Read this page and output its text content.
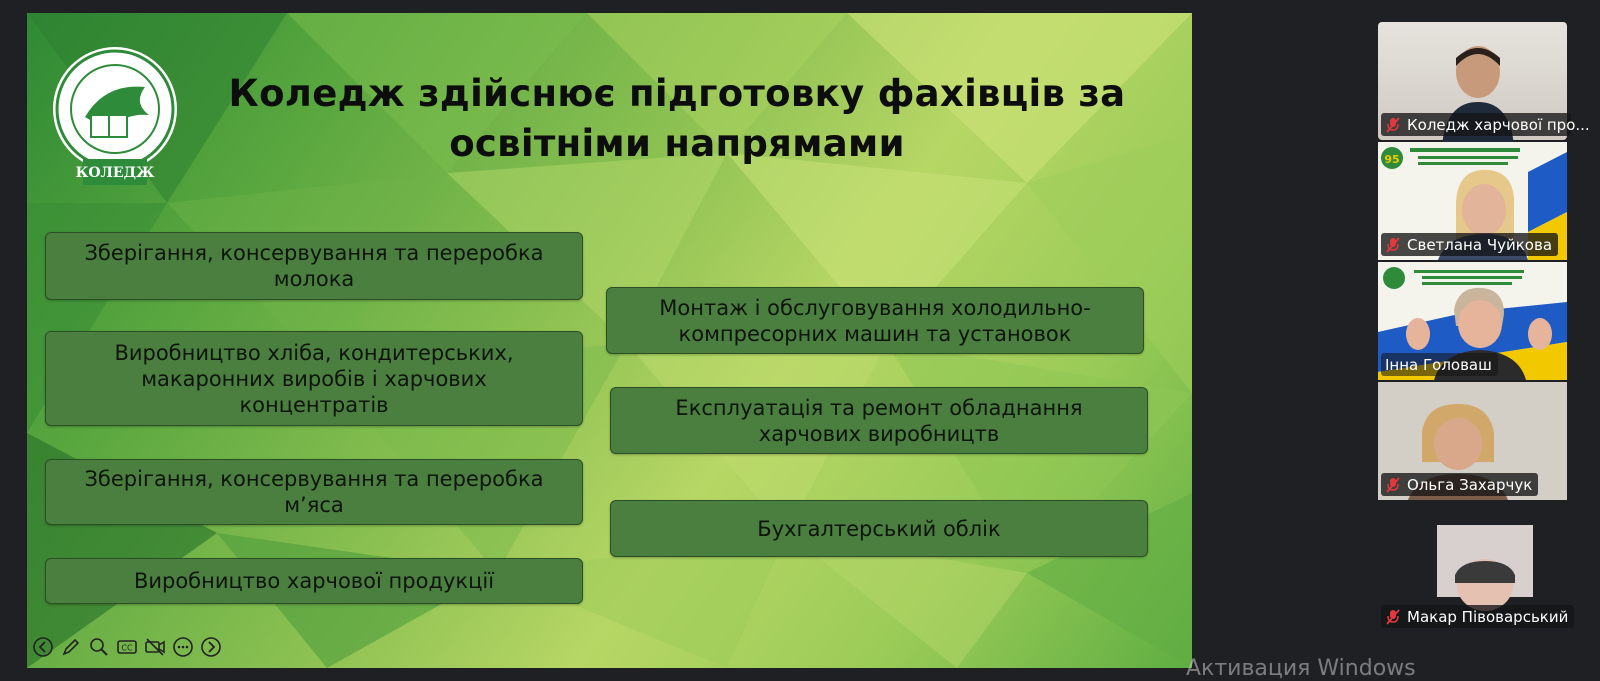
КОЛЕДЖ
Коледж здійснює підготовку фахівців за
освітніми напрямами
Зберігання, консервування та переробка
молока
Виробництво хліба, кондитерських,
макаронних виробів і харчових
концентратів
Зберігання, консервування та переробка
м’яса
Виробництво харчової продукції
Монтаж і обслуговування холодильно-
компресорних машин та установок
Експлуатація та ремонт обладнання
харчових виробництв
Бухгалтерський облік
CC
Коледж харчової про...
95
Светлана Чуйкова
Інна Головаш
Ольга Захарчук
Макар Півоварський
Активация Windows
